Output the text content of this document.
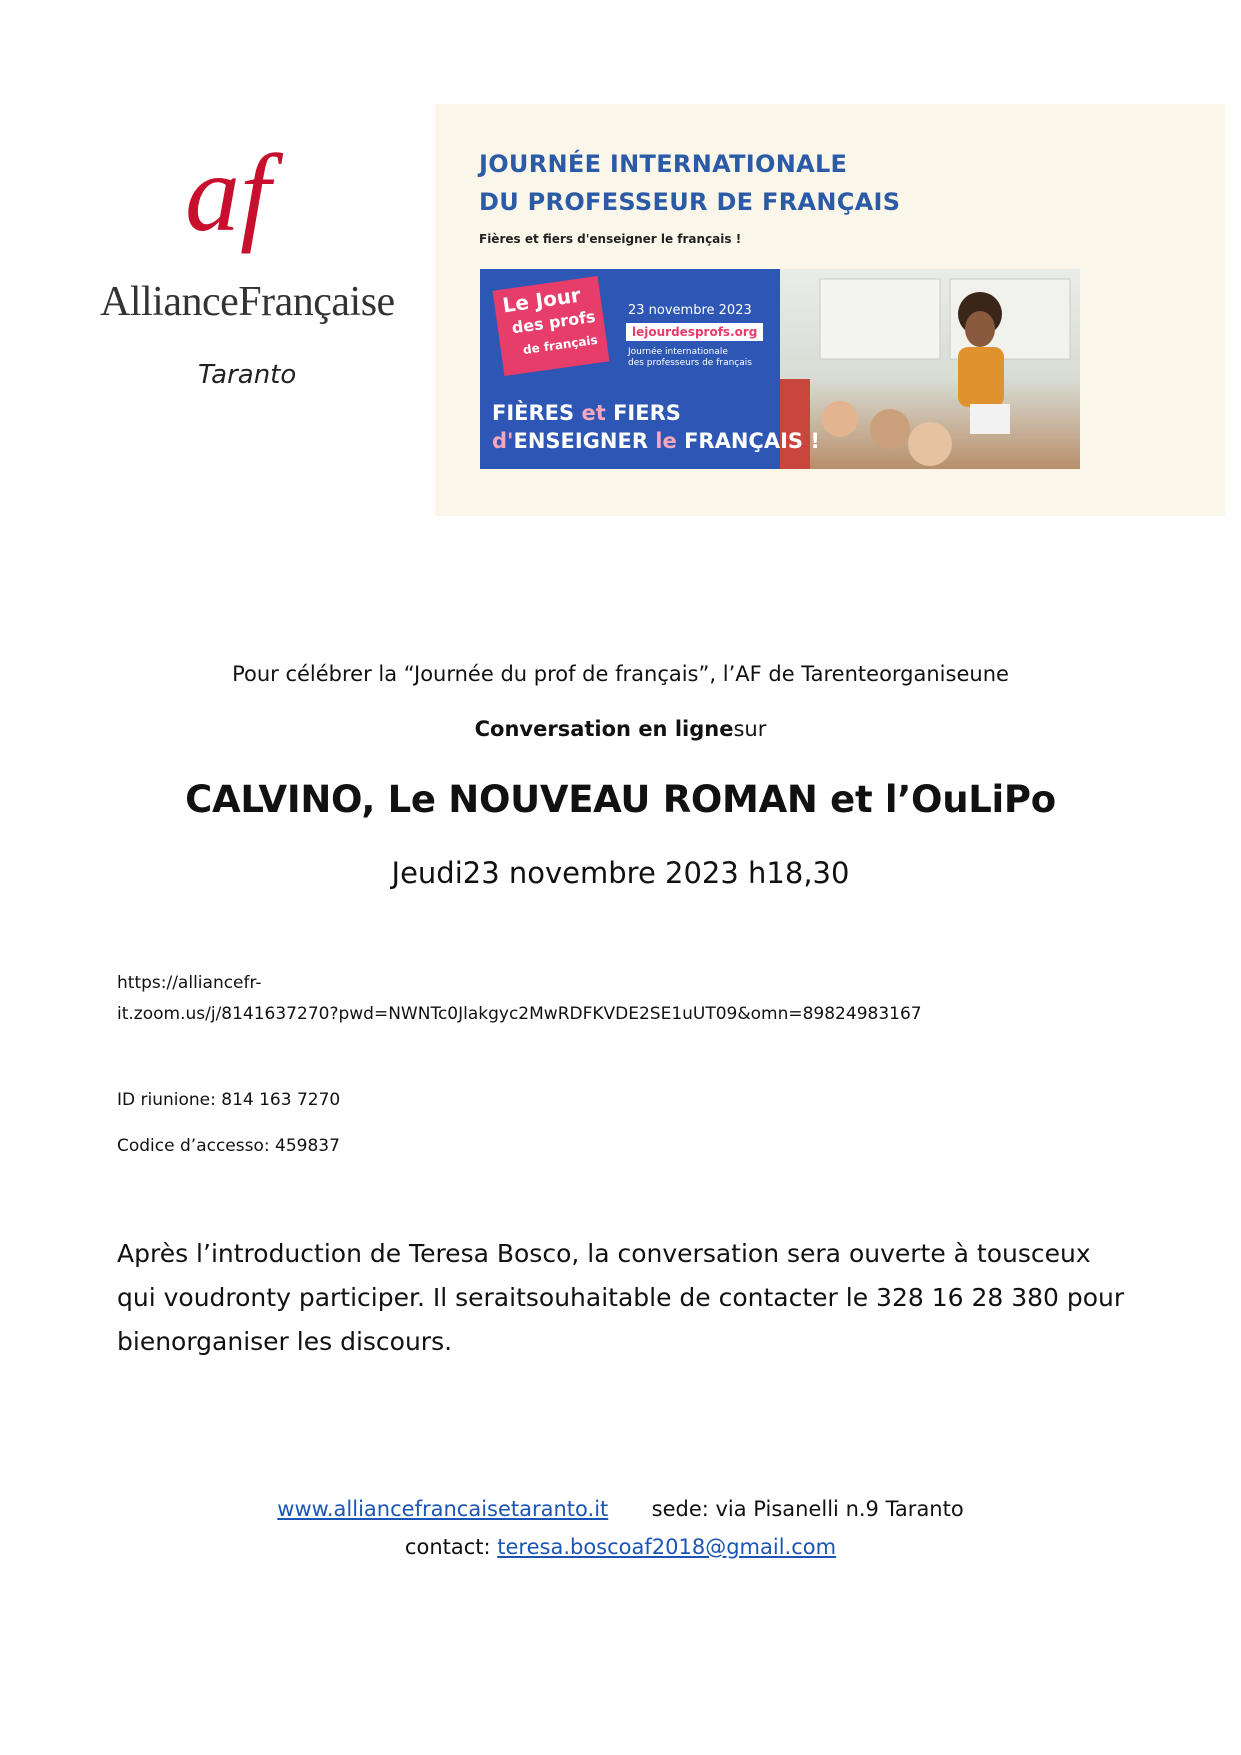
af
AllianceFrançaise
Taranto
JOURNÉE INTERNATIONALE
DU PROFESSEUR DE FRANÇAIS
Fières et fiers d'enseigner le français !
Le Jour
des profs
de français
23 novembre 2023
lejourdesprofs.org
Journée internationale
des professeurs de français
FIÈRES et FIERS
d'ENSEIGNER le FRANÇAIS !
Pour célébrer la “Journée du prof de français”, l’AF de Tarenteorganiseune
Conversation en lignesur
CALVINO, Le NOUVEAU ROMAN et l’OuLiPo
Jeudi23 novembre 2023 h18,30
https://alliancefr-
it.zoom.us/j/8141637270?pwd=NWNTc0Jlakgyc2MwRDFKVDE2SE1uUT09&omn=89824983167
ID riunione: 814 163 7270
Codice d’accesso: 459837
Après l’introduction de Teresa Bosco, la conversation sera ouverte à tousceux qui voudronty participer. Il seraitsouhaitable de contacter le 328 16 28 380 pour bienorganiser les discours.
www.alliancefrancaisetaranto.it sede: via Pisanelli n.9 Taranto
contact: teresa.boscoaf2018@gmail.com
